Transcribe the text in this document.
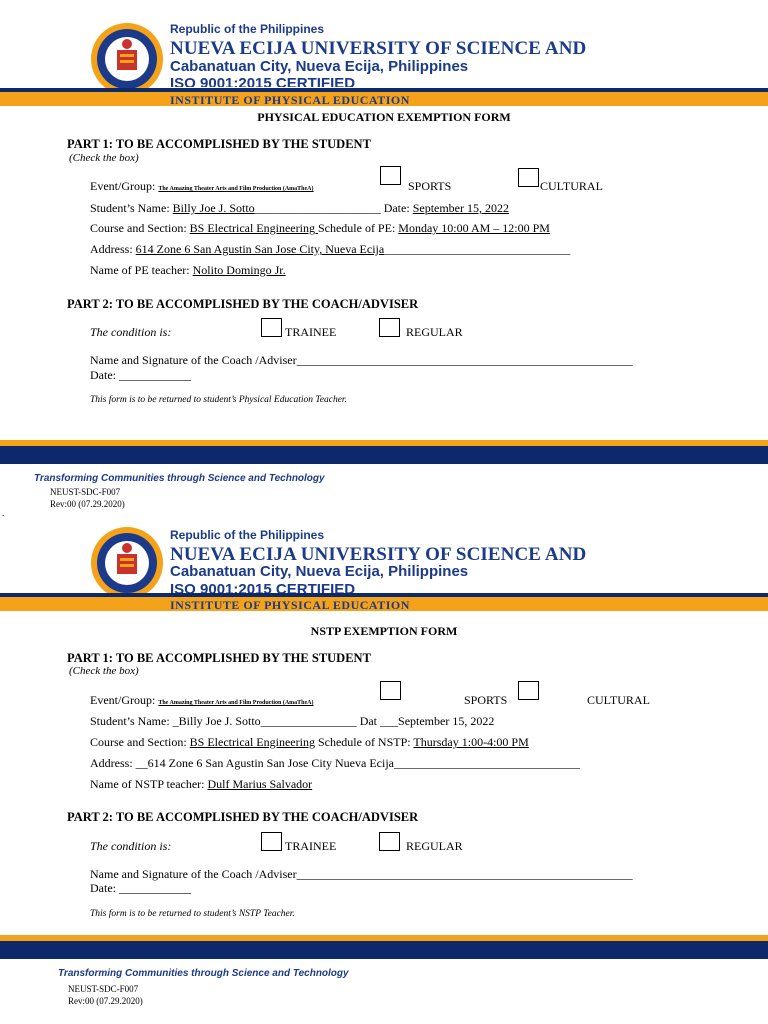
Republic of the Philippines
NUEVA ECIJA UNIVERSITY OF SCIENCE AND
Cabanatuan City, Nueva Ecija, Philippines
ISO 9001:2015 CERTIFIED
INSTITUTE OF PHYSICAL EDUCATION
PHYSICAL EDUCATION EXEMPTION FORM
PART 1: TO BE ACCOMPLISHED BY THE STUDENT
(Check the box)
Event/Group: The Amazing Theater Arts and Film Production (AmaTheA)	SPORTS	CULTURAL
Student’s Name: Billy Joe J. Sotto_____________________ Date: September 15, 2022
Course and Section: BS Electrical Engineering Schedule of PE: Monday 10:00 AM – 12:00 PM
Address: 614 Zone 6 San Agustin San Jose City, Nueva Ecija_______________________________
Name of PE teacher: Nolito Domingo Jr.
PART 2: TO BE ACCOMPLISHED BY THE COACH/ADVISER
The condition is:	TRAINEE	REGULAR
Name and Signature of the Coach /Adviser________________________________________________________
Date: ____________
This form is to be returned to student’s Physical Education Teacher.
Transforming Communities through Science and Technology
NEUST-SDC-F007
Rev:00 (07.29.2020)
.
Republic of the Philippines
NUEVA ECIJA UNIVERSITY OF SCIENCE AND
Cabanatuan City, Nueva Ecija, Philippines
ISO 9001:2015 CERTIFIED
INSTITUTE OF PHYSICAL EDUCATION
NSTP EXEMPTION FORM
PART 1: TO BE ACCOMPLISHED BY THE STUDENT
(Check the box)
Event/Group: The Amazing Theater Arts and Film Production (AmaTheA)	SPORTS	CULTURAL
Student’s Name: _Billy Joe J. Sotto________________ Dat ___September 15, 2022
Course and Section: BS Electrical Engineering Schedule of NSTP: Thursday 1:00-4:00 PM
Address: __614 Zone 6 San Agustin San Jose City Nueva Ecija_______________________________
Name of NSTP teacher: Dulf Marius Salvador
PART 2: TO BE ACCOMPLISHED BY THE COACH/ADVISER
The condition is:	TRAINEE	REGULAR
Name and Signature of the Coach /Adviser________________________________________________________
Date: ____________
This form is to be returned to student’s NSTP Teacher.
Transforming Communities through Science and Technology
NEUST-SDC-F007
Rev:00 (07.29.2020)
